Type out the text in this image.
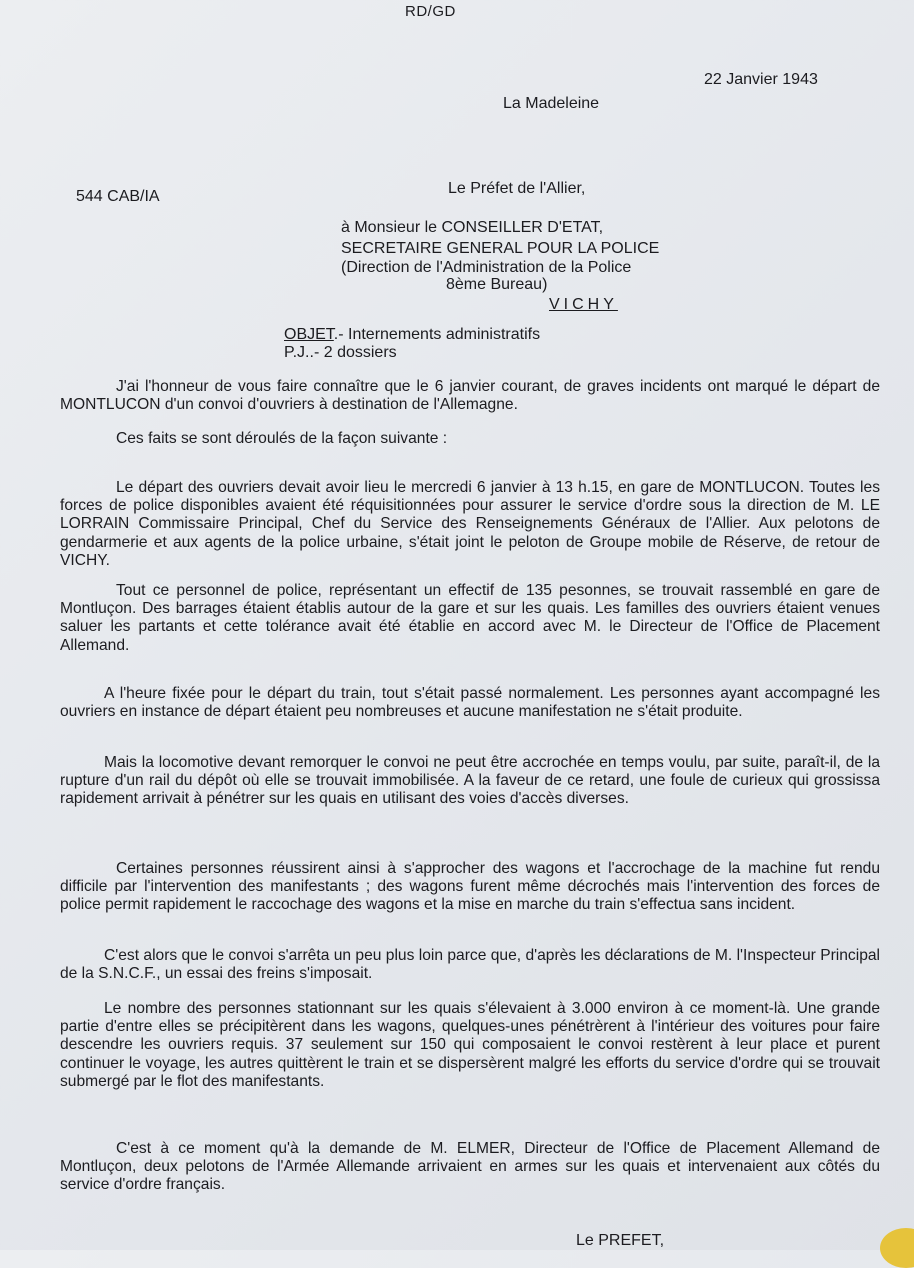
RD/GD
22 Janvier 1943
La Madeleine
544 CAB/IA	Le Préfet de l'Allier,
à Monsieur le CONSEILLER D'ETAT,
SECRETAIRE GENERAL POUR LA POLICE
(Direction de l'Administration de la Police
8ème Bureau)
VICHY
OBJET.- Internements administratifs
P.J..- 2 dossiers
J'ai l'honneur de vous faire connaître que le 6 janvier courant, de graves incidents ont marqué le départ de MONTLUCON d'un convoi d'ouvriers à destination de l'Allemagne.
Ces faits se sont déroulés de la façon suivante :
Le départ des ouvriers devait avoir lieu le mercredi 6 janvier à 13 h.15, en gare de MONTLUCON. Toutes les forces de police disponibles avaient été réquisitionnées pour assurer le service d'ordre sous la direction de M. LE LORRAIN Commissaire Principal, Chef du Service des Renseignements Généraux de l'Allier. Aux pelotons de gendarmerie et aux agents de la police urbaine, s'était joint le peloton de Groupe mobile de Réserve, de retour de VICHY.
Tout ce personnel de police, représentant un effectif de 135 pesonnes, se trouvait rassemblé en gare de Montluçon. Des barrages étaient établis autour de la gare et sur les quais. Les familles des ouvriers étaient venues saluer les partants et cette tolérance avait été établie en accord avec M. le Directeur de l'Office de Placement Allemand.
A l'heure fixée pour le départ du train, tout s'était passé normalement. Les personnes ayant accompagné les ouvriers en instance de départ étaient peu nombreuses et aucune manifestation ne s'était produite.
Mais la locomotive devant remorquer le convoi ne peut être accrochée en temps voulu, par suite, paraît-il, de la rupture d'un rail du dépôt où elle se trouvait immobilisée. A la faveur de ce retard, une foule de curieux qui grossissa rapidement arrivait à pénétrer sur les quais en utilisant des voies d'accès diverses.
Certaines personnes réussirent ainsi à s'approcher des wagons et l'accrochage de la machine fut rendu difficile par l'intervention des manifestants ; des wagons furent même décrochés mais l'intervention des forces de police permit rapidement le raccochage des wagons et la mise en marche du train s'effectua sans incident.
C'est alors que le convoi s'arrêta un peu plus loin parce que, d'après les déclarations de M. l'Inspecteur Principal de la S.N.C.F., un essai des freins s'imposait.
Le nombre des personnes stationnant sur les quais s'élevaient à 3.000 environ à ce moment-là. Une grande partie d'entre elles se précipitèrent dans les wagons, quelques-unes pénétrèrent à l'intérieur des voitures pour faire descendre les ouvriers requis. 37 seulement sur 150 qui composaient le convoi restèrent à leur place et purent continuer le voyage, les autres quittèrent le train et se dispersèrent malgré les efforts du service d'ordre qui se trouvait submergé par le flot des manifestants.
C'est à ce moment qu'à la demande de M. ELMER, Directeur de l'Office de Placement Allemand de Montluçon, deux pelotons de l'Armée Allemande arrivaient en armes sur les quais et intervenaient aux côtés du service d'ordre français.
Le PREFET,
